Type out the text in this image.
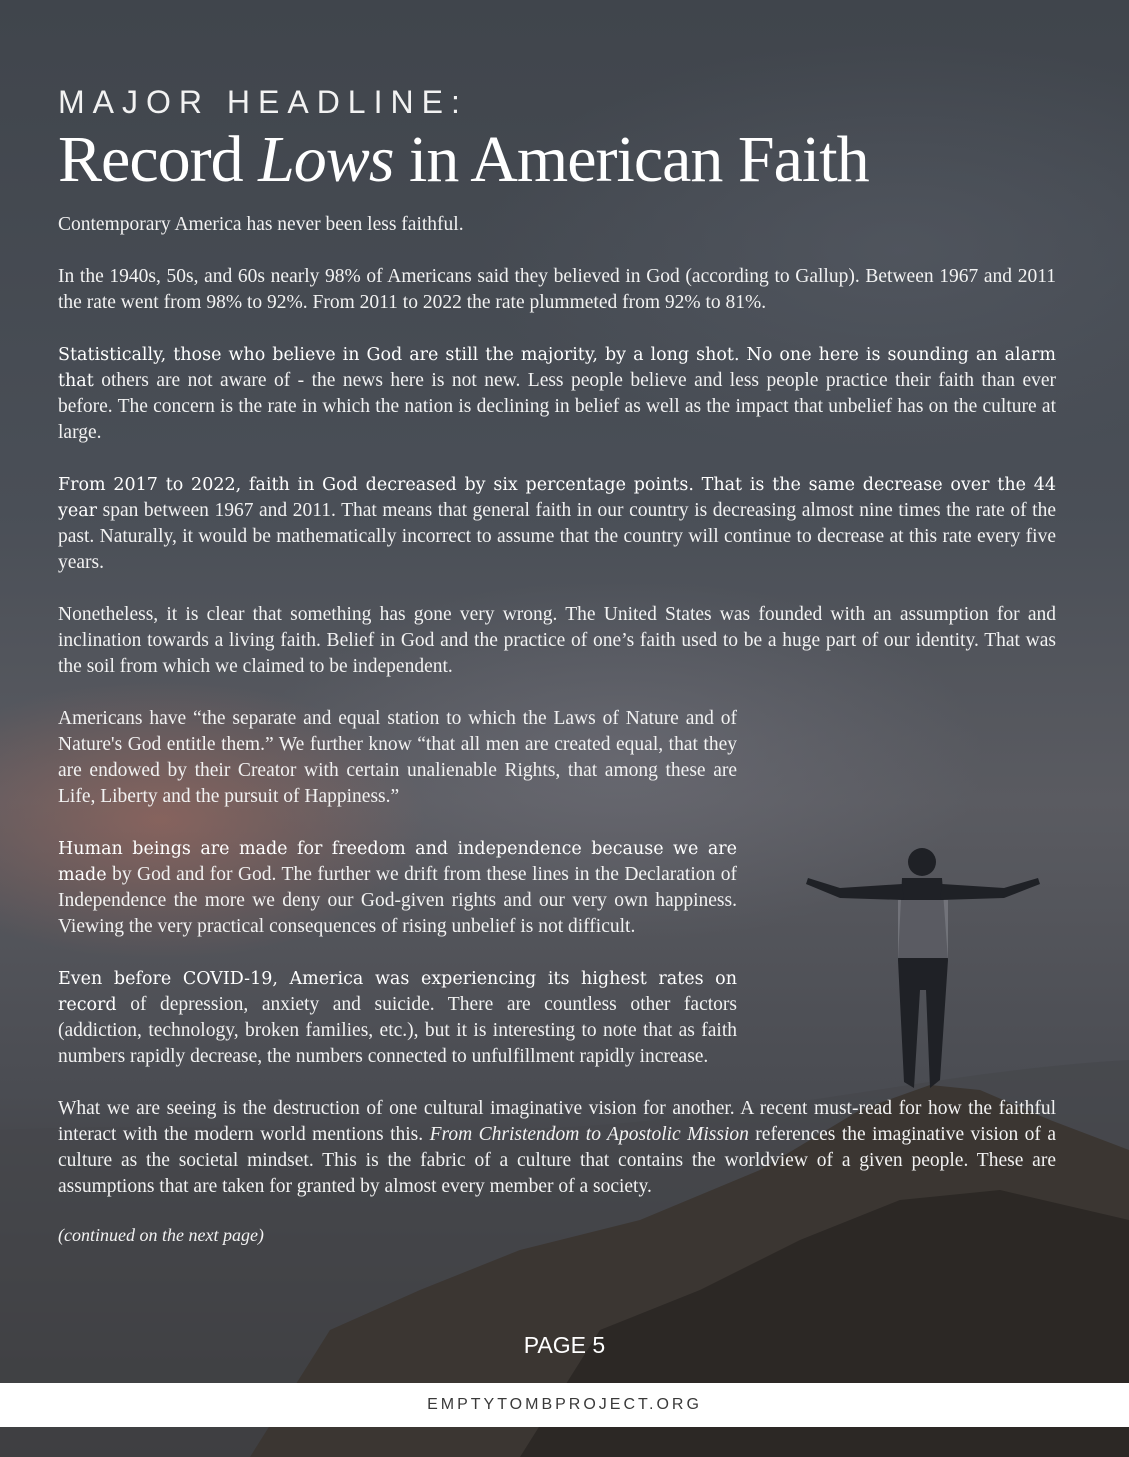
MAJOR HEADLINE:

Record Lows in American Faith

Contemporary America has never been less faithful.

In the 1940s, 50s, and 60s nearly 98% of Americans said they believed in God (according to Gallup). Between 1967 and 2011 the rate went from 98% to 92%. From 2011 to 2022 the rate plummeted from 92% to 81%.

Statistically, those who believe in God are still the majority, by a long shot. No one here is sounding an alarm that others are not aware of - the news here is not new. Less people believe and less people practice their faith than ever before. The concern is the rate in which the nation is declining in belief as well as the impact that unbelief has on the culture at large.

From 2017 to 2022, faith in God decreased by six percentage points. That is the same decrease over the 44 year span between 1967 and 2011. That means that general faith in our country is decreasing almost nine times the rate of the past. Naturally, it would be mathematically incorrect to assume that the country will continue to decrease at this rate every five years.

Nonetheless, it is clear that something has gone very wrong. The United States was founded with an assumption for and inclination towards a living faith. Belief in God and the practice of one’s faith used to be a huge part of our identity. That was the soil from which we claimed to be independent.

Americans have “the separate and equal station to which the Laws of Nature and of Nature's God entitle them.” We further know “that all men are created equal, that they are endowed by their Creator with certain unalienable Rights, that among these are Life, Liberty and the pursuit of Happiness.”

Human beings are made for freedom and independence because we are made by God and for God. The further we drift from these lines in the Declaration of Independence the more we deny our God-given rights and our very own happiness. Viewing the very practical consequences of rising unbelief is not difficult.

Even before COVID-19, America was experiencing its highest rates on record of depression, anxiety and suicide. There are countless other factors (addiction, technology, broken families, etc.), but it is interesting to note that as faith numbers rapidly decrease, the numbers connected to unfulfillment rapidly increase.

What we are seeing is the destruction of one cultural imaginative vision for another. A recent must-read for how the faithful interact with the modern world mentions this. From Christendom to Apostolic Mission references the imaginative vision of a culture as the societal mindset. This is the fabric of a culture that contains the worldview of a given people. These are assumptions that are taken for granted by almost every member of a society.

(continued on the next page)

PAGE 5
EMPTYTOMBPROJECT.ORG
